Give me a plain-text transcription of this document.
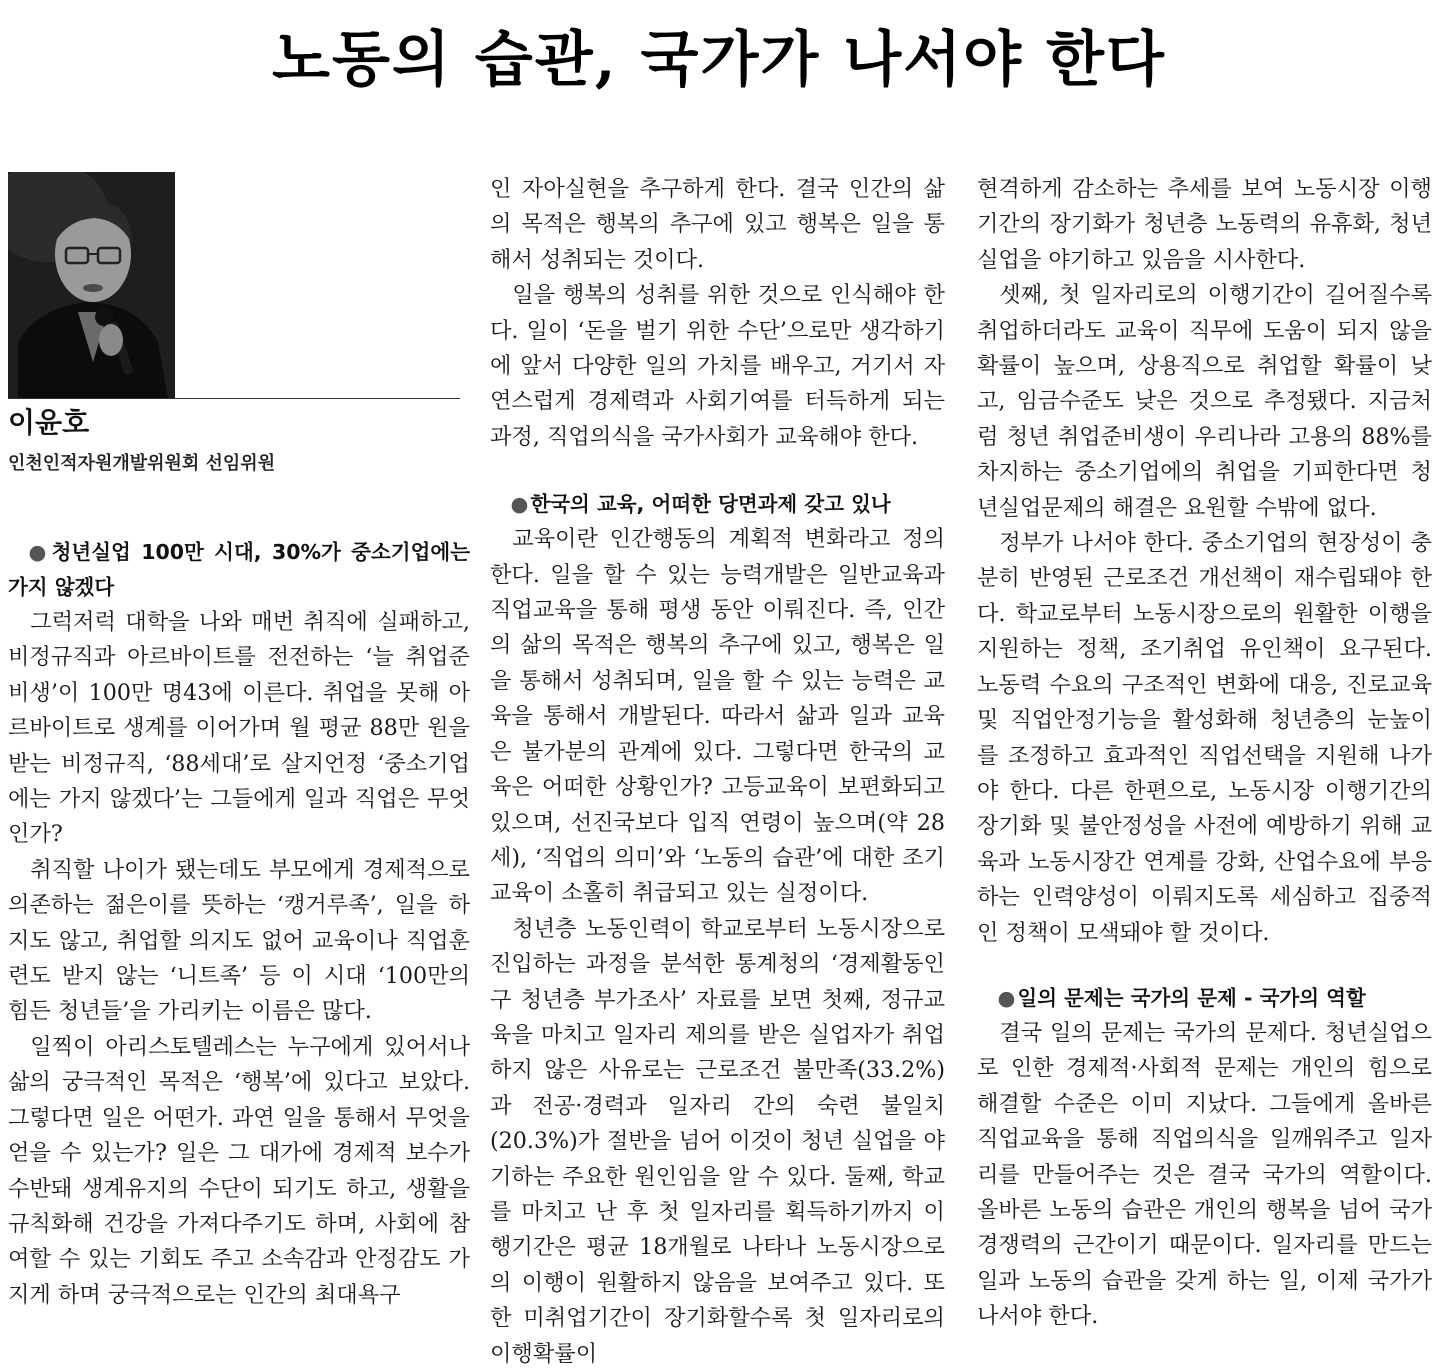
노동의 습관, 국가가 나서야 한다
이윤호
인천인적자원개발위원회 선임위원

●청년실업 100만 시대, 30%가 중소기업에는 가지 않겠다

그럭저럭 대학을 나와 매번 취직에 실패하고, 비정규직과 아르바이트를 전전하는 ‘늘 취업준비생’이 100만 명43에 이른다. 취업을 못해 아르바이트로 생계를 이어가며 월 평균 88만 원을 받는 비정규직, ‘88세대’로 살지언정 ‘중소기업에는 가지 않겠다’는 그들에게 일과 직업은 무엇인가?

취직할 나이가 됐는데도 부모에게 경제적으로 의존하는 젊은이를 뜻하는 ‘캥거루족’, 일을 하지도 않고, 취업할 의지도 없어 교육이나 직업훈련도 받지 않는 ‘니트족’ 등 이 시대 ‘100만의 힘든 청년들’을 가리키는 이름은 많다.

일찍이 아리스토텔레스는 누구에게 있어서나 삶의 궁극적인 목적은 ‘행복’에 있다고 보았다. 그렇다면 일은 어떤가. 과연 일을 통해서 무엇을 얻을 수 있는가? 일은 그 대가에 경제적 보수가 수반돼 생계유지의 수단이 되기도 하고, 생활을 규칙화해 건강을 가져다주기도 하며, 사회에 참여할 수 있는 기회도 주고 소속감과 안정감도 가지게 하며 궁극적으로는 인간의 최대욕구

인 자아실현을 추구하게 한다. 결국 인간의 삶의 목적은 행복의 추구에 있고 행복은 일을 통해서 성취되는 것이다.

일을 행복의 성취를 위한 것으로 인식해야 한다. 일이 ‘돈을 벌기 위한 수단’으로만 생각하기에 앞서 다양한 일의 가치를 배우고, 거기서 자연스럽게 경제력과 사회기여를 터득하게 되는 과정, 직업의식을 국가사회가 교육해야 한다.

●한국의 교육, 어떠한 당면과제 갖고 있나

교육이란 인간행동의 계획적 변화라고 정의한다. 일을 할 수 있는 능력개발은 일반교육과 직업교육을 통해 평생 동안 이뤄진다. 즉, 인간의 삶의 목적은 행복의 추구에 있고, 행복은 일을 통해서 성취되며, 일을 할 수 있는 능력은 교육을 통해서 개발된다. 따라서 삶과 일과 교육은 불가분의 관계에 있다. 그렇다면 한국의 교육은 어떠한 상황인가? 고등교육이 보편화되고 있으며, 선진국보다 입직 연령이 높으며(약 28세), ‘직업의 의미’와 ‘노동의 습관’에 대한 조기교육이 소홀히 취급되고 있는 실정이다.

청년층 노동인력이 학교로부터 노동시장으로 진입하는 과정을 분석한 통계청의 ‘경제활동인구 청년층 부가조사’ 자료를 보면 첫째, 정규교육을 마치고 일자리 제의를 받은 실업자가 취업하지 않은 사유로는 근로조건 불만족(33.2%)과 전공·경력과 일자리 간의 숙련 불일치(20.3%)가 절반을 넘어 이것이 청년 실업을 야기하는 주요한 원인임을 알 수 있다. 둘째, 학교를 마치고 난 후 첫 일자리를 획득하기까지 이행기간은 평균 18개월로 나타나 노동시장으로의 이행이 원활하지 않음을 보여주고 있다. 또한 미취업기간이 장기화할수록 첫 일자리로의 이행확률이

현격하게 감소하는 추세를 보여 노동시장 이행기간의 장기화가 청년층 노동력의 유휴화, 청년실업을 야기하고 있음을 시사한다.

셋째, 첫 일자리로의 이행기간이 길어질수록 취업하더라도 교육이 직무에 도움이 되지 않을 확률이 높으며, 상용직으로 취업할 확률이 낮고, 임금수준도 낮은 것으로 추정됐다. 지금처럼 청년 취업준비생이 우리나라 고용의 88%를 차지하는 중소기업에의 취업을 기피한다면 청년실업문제의 해결은 요원할 수밖에 없다.

정부가 나서야 한다. 중소기업의 현장성이 충분히 반영된 근로조건 개선책이 재수립돼야 한다. 학교로부터 노동시장으로의 원활한 이행을 지원하는 정책, 조기취업 유인책이 요구된다. 노동력 수요의 구조적인 변화에 대응, 진로교육 및 직업안정기능을 활성화해 청년층의 눈높이를 조정하고 효과적인 직업선택을 지원해 나가야 한다. 다른 한편으로, 노동시장 이행기간의 장기화 및 불안정성을 사전에 예방하기 위해 교육과 노동시장간 연계를 강화, 산업수요에 부응하는 인력양성이 이뤄지도록 세심하고 집중적인 정책이 모색돼야 할 것이다.

●일의 문제는 국가의 문제 - 국가의 역할

결국 일의 문제는 국가의 문제다. 청년실업으로 인한 경제적·사회적 문제는 개인의 힘으로 해결할 수준은 이미 지났다. 그들에게 올바른 직업교육을 통해 직업의식을 일깨워주고 일자리를 만들어주는 것은 결국 국가의 역할이다. 올바른 노동의 습관은 개인의 행복을 넘어 국가경쟁력의 근간이기 때문이다. 일자리를 만드는 일과 노동의 습관을 갖게 하는 일, 이제 국가가 나서야 한다.
